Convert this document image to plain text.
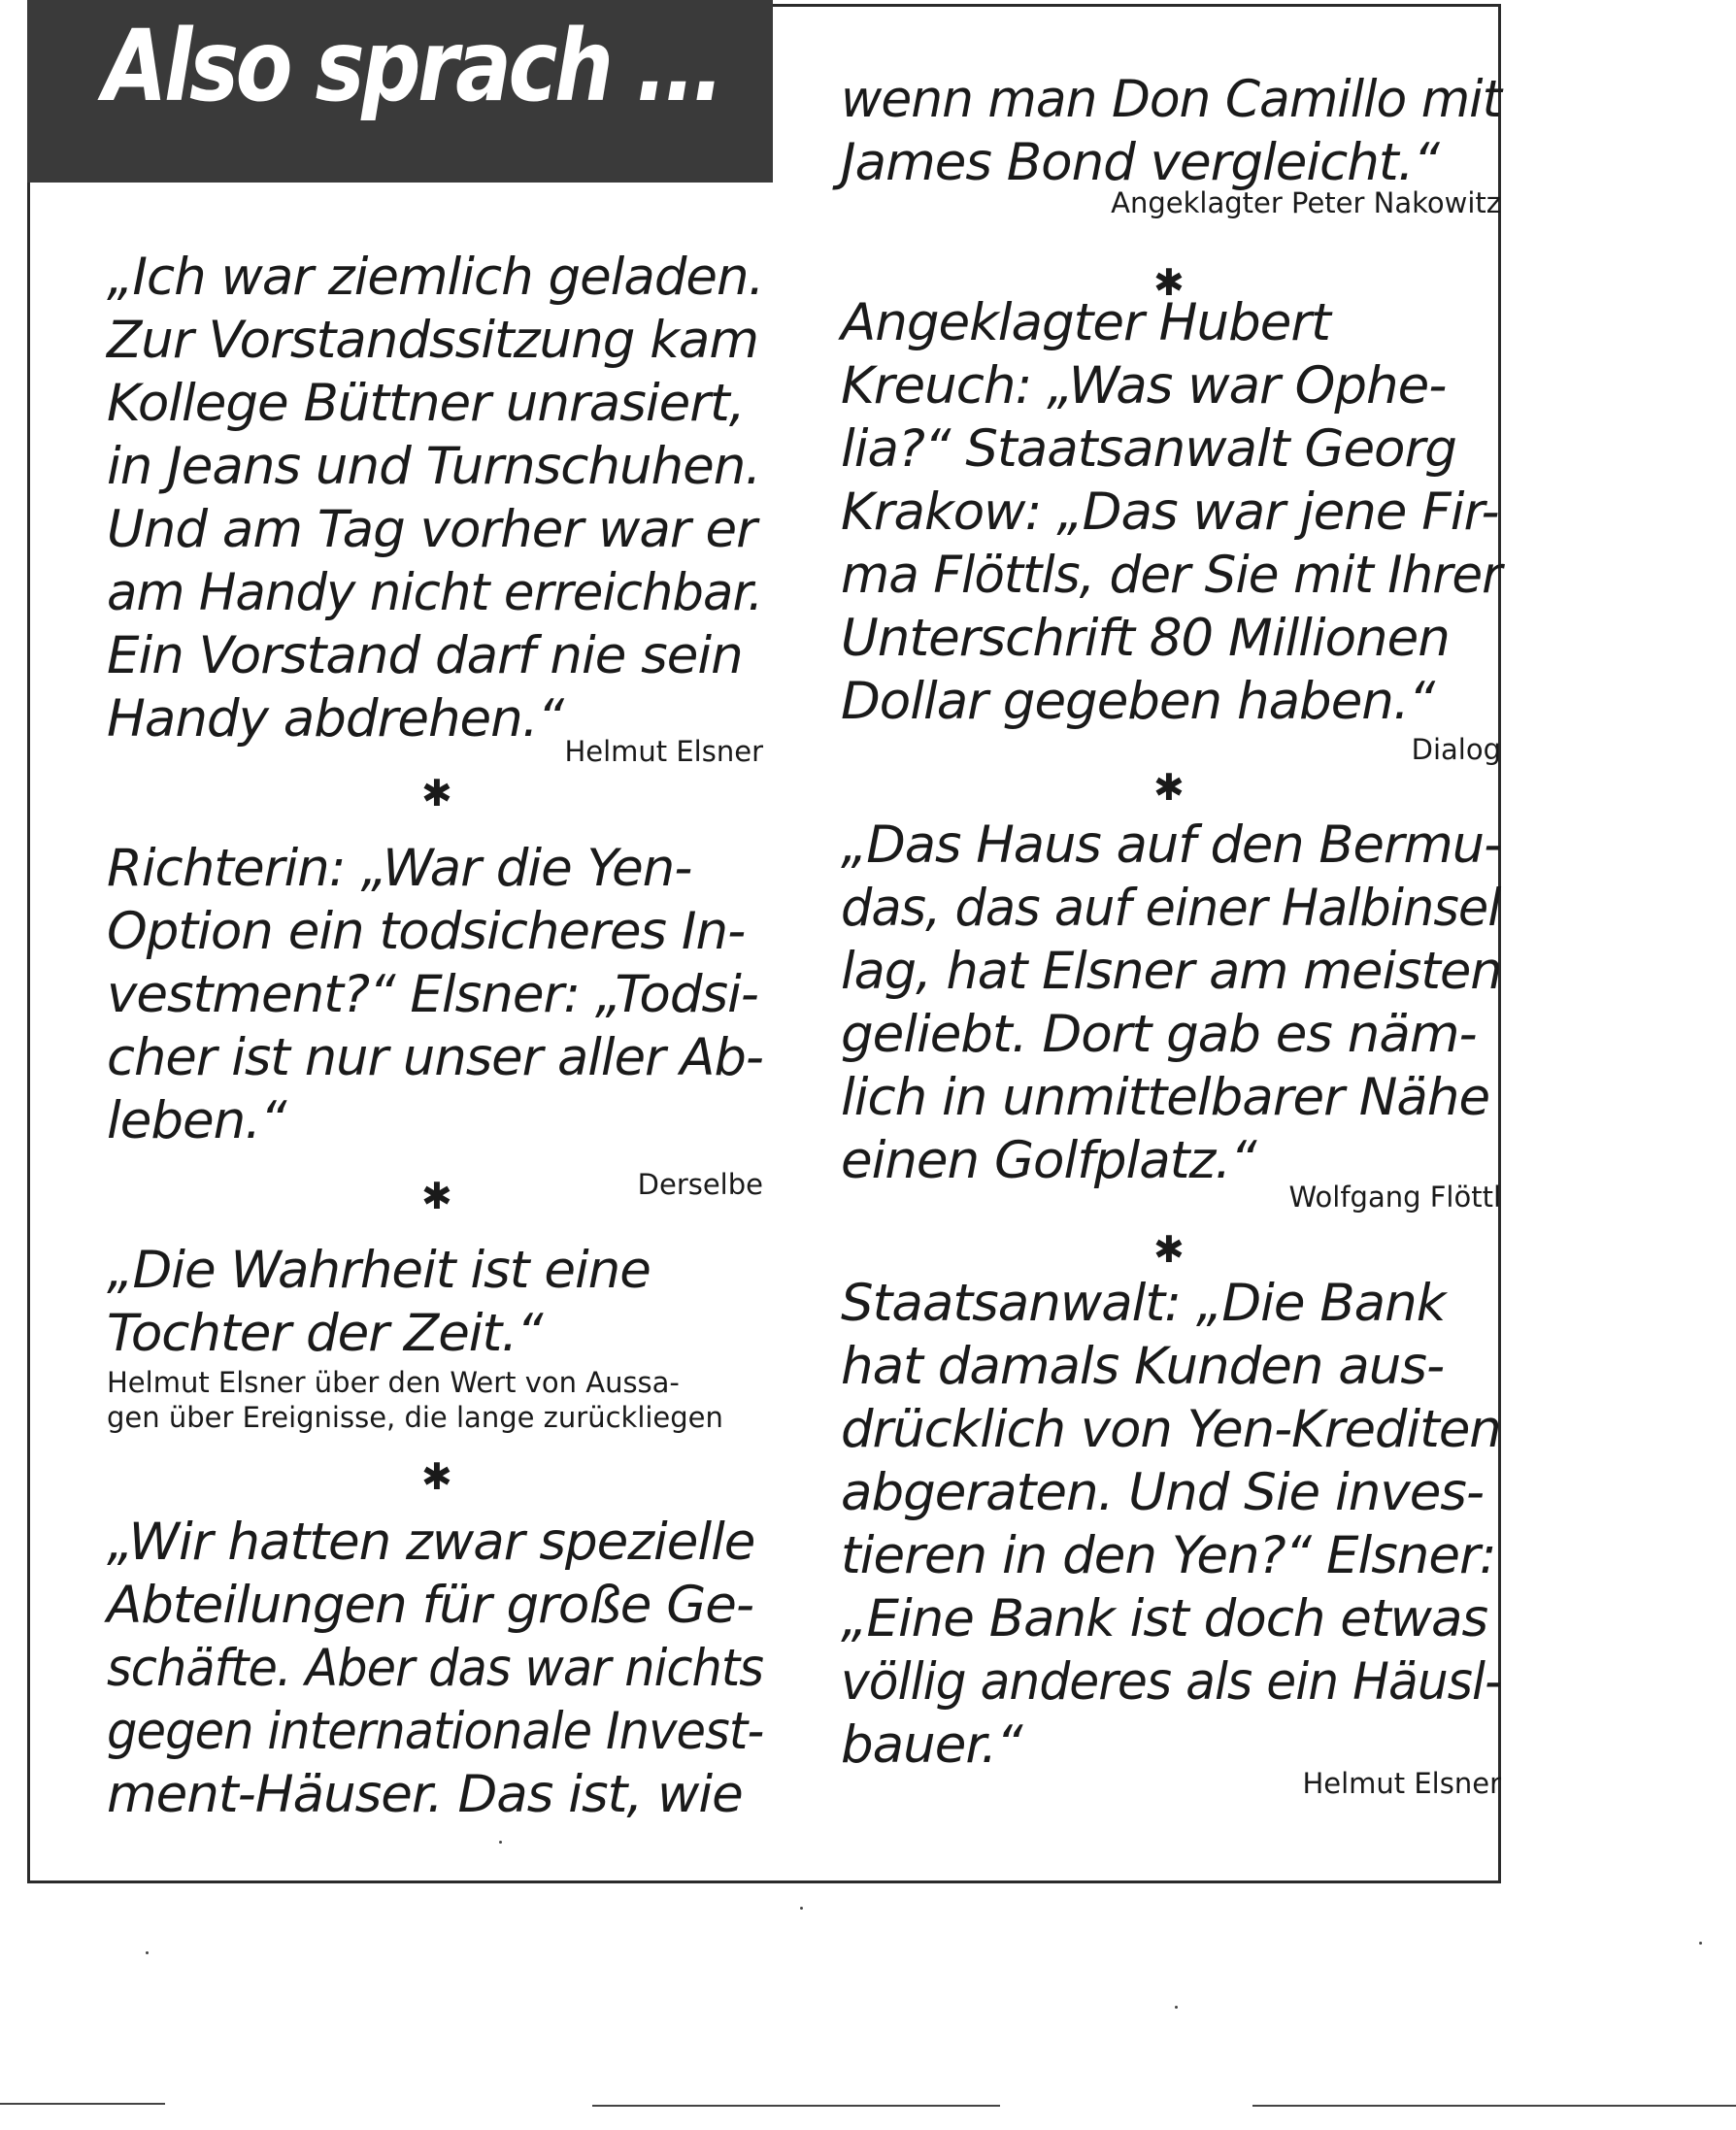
Also sprach ...

„Ich war ziemlich geladen.
Zur Vorstandssitzung kam
Kollege Büttner unrasiert,
in Jeans und Turnschuhen.
Und am Tag vorher war er
am Handy nicht erreichbar.
Ein Vorstand darf nie sein
Handy abdrehen.“

Helmut Elsner
✱

Richterin: „War die Yen-
Option ein todsicheres In-
vestment?“ Elsner: „Todsi-
cher ist nur unser aller Ab-
leben.“

Derselbe
✱

„Die Wahrheit ist eine
Tochter der Zeit.“

Helmut Elsner über den Wert von Aussa-
gen über Ereignisse, die lange zurückliegen
✱

„Wir hatten zwar spezielle
Abteilungen für große Ge-
schäfte. Aber das war nichts
gegen internationale Invest-
ment-Häuser. Das ist, wie

wenn man Don Camillo mit
James Bond vergleicht.“

Angeklagter Peter Nakowitz
✱

Angeklagter Hubert
Kreuch: „Was war Ophe-
lia?“ Staatsanwalt Georg
Krakow: „Das war jene Fir-
ma Flöttls, der Sie mit Ihrer
Unterschrift 80 Millionen
Dollar gegeben haben.“

Dialog
✱

„Das Haus auf den Bermu-
das, das auf einer Halbinsel
lag, hat Elsner am meisten
geliebt. Dort gab es näm-
lich in unmittelbarer Nähe
einen Golfplatz.“

Wolfgang Flöttl
✱

Staatsanwalt: „Die Bank
hat damals Kunden aus-
drücklich von Yen-Krediten
abgeraten. Und Sie inves-
tieren in den Yen?“ Elsner:
„Eine Bank ist doch etwas
völlig anderes als ein Häusl-
bauer.“

Helmut Elsner
